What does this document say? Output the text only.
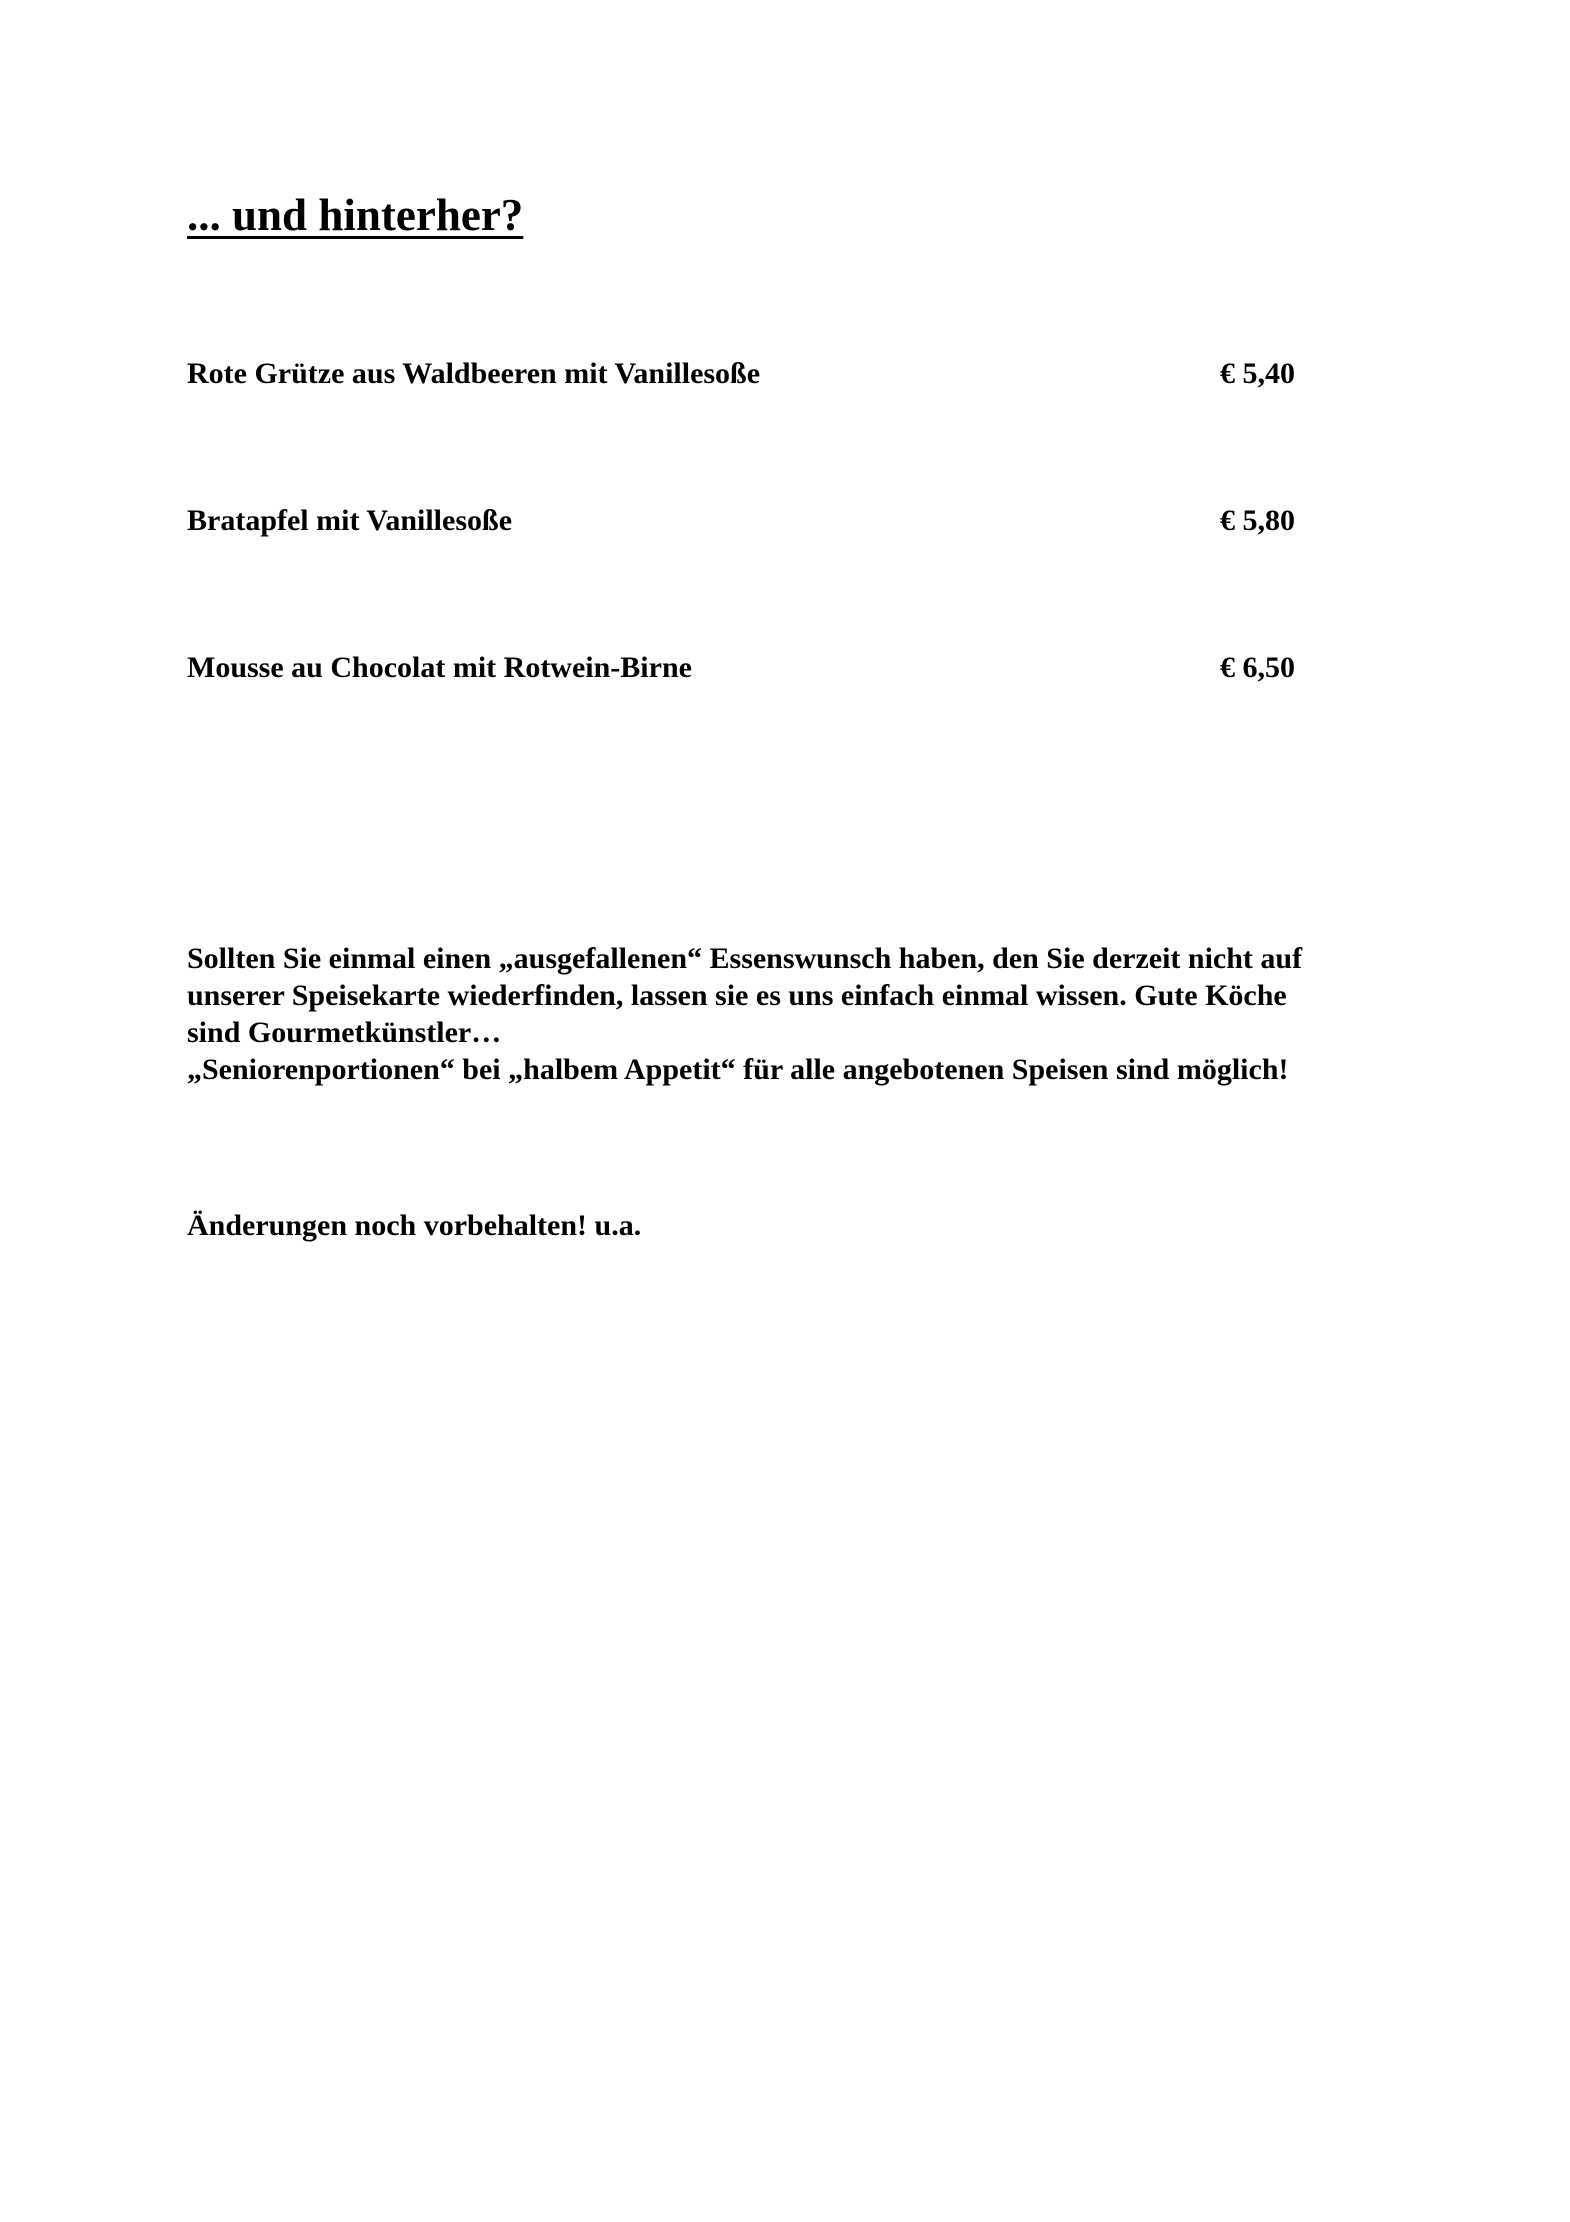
... und hinterher?
Rote Grütze aus Waldbeeren mit Vanillesoße	€ 5,40
Bratapfel mit Vanillesoße	€ 5,80
Mousse au Chocolat mit Rotwein-Birne	€ 6,50
Sollten Sie einmal einen „ausgefallenen“ Essenswunsch haben, den Sie derzeit nicht auf
unserer Speisekarte wiederfinden, lassen sie es uns einfach einmal wissen. Gute Köche
sind Gourmetkünstler…
„Seniorenportionen“ bei „halbem Appetit“ für alle angebotenen Speisen sind möglich!
Änderungen noch vorbehalten! u.a.
